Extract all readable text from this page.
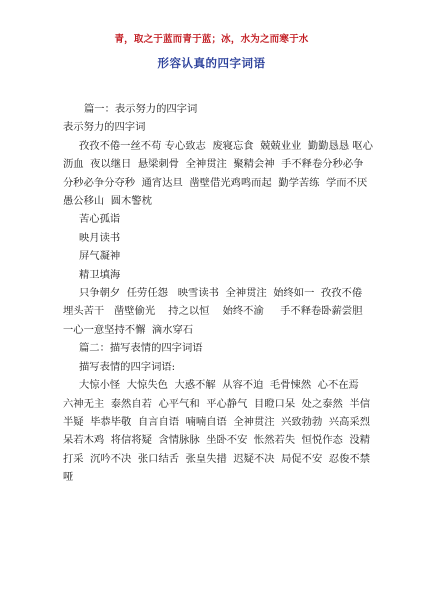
青，取之于蓝而青于蓝；冰，水为之而寒于水
形容认真的四字词语

篇一：表示努力的四字词

表示努力的四字词

孜孜不倦一丝不苟 专心致志  废寝忘食  兢兢业业  勤勤恳恳 呕心沥血  夜以继日  悬梁刺骨  全神贯注  聚精会神  手不释卷分秒必争分秒必争分夺秒  通宵达旦  凿壁借光鸡鸣而起  勤学苦练  学而不厌   愚公移山  圆木警枕

苦心孤诣

映月读书

屏气凝神

精卫填海

只争朝夕  任劳任怨   映雪读书  全神贯注  始终如一  孜孜不倦  埋头苦干   凿壁偷光    持之以恒    始终不渝     手不释卷卧薪尝胆  一心一意坚持不懈  滴水穿石

篇二：描写表情的四字词语

描写表情的四字词语:

大惊小怪  大惊失色  大惑不解  从容不迫  毛骨悚然  心不在焉  六神无主  泰然自若  心平气和  平心静气  目瞪口呆  处之泰然  半信半疑  毕恭毕敬  自言自语  喃喃自语  全神贯注  兴致勃勃  兴高采烈  呆若木鸡  将信将疑  含情脉脉  坐卧不安  怅然若失  恒悦作态  没精打采  沉吟不决  张口结舌  张皇失措  迟疑不决  局促不安  忍俊不禁  哑
